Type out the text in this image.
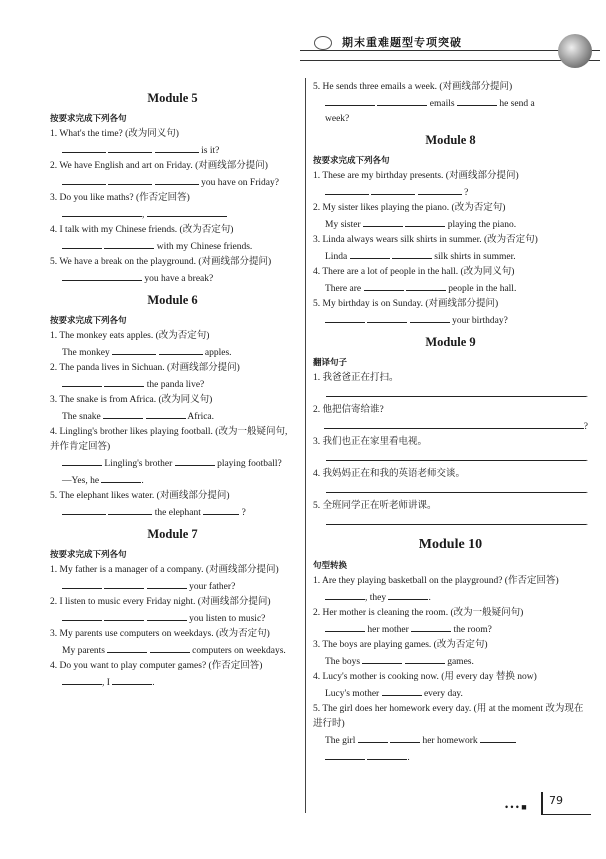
期末重难题型专项突破
Module 5
按要求完成下列各句
1. What's the time? (改为同义句)
is it?
2. We have English and art on Friday. (对画线部分提问)
you have on Friday?
3. Do you like maths? (作否定回答)
,
4. I talk with my Chinese friends. (改为否定句)
with my Chinese friends.
5. We have a break on the playground. (对画线部分提问)
you have a break?
Module 6
按要求完成下列各句
1. The monkey eats apples. (改为否定句)
The monkey	apples.
2. The panda lives in Sichuan. (对画线部分提问)
the panda live?
3. The snake is from Africa. (改为同义句)
The snake	Africa.
4. Lingling's brother likes playing football. (改为一般疑问句,并作肯定回答)
Lingling's brother	playing football?
—Yes, he	.
5. The elephant likes water. (对画线部分提问)
the elephant	?
Module 7
按要求完成下列各句
1. My father is a manager of a company. (对画线部分提问)
your father?
2. I listen to music every Friday night. (对画线部分提问)
you listen to music?
3. My parents use computers on weekdays. (改为否定句)
My parents	computers on weekdays.
4. Do you want to play computer games? (作否定回答)
, I	.
5. He sends three emails a week. (对画线部分提问)
emails	he send a
week?
Module 8
按要求完成下列各句
1. These are my birthday presents. (对画线部分提问)
?
2. My sister likes playing the piano. (改为否定句)
My sister	playing the piano.
3. Linda always wears silk shirts in summer. (改为否定句)
Linda	silk shirts in summer.
4. There are a lot of people in the hall. (改为同义句)
There are	people in the hall.
5. My birthday is on Sunday. (对画线部分提问)
your birthday?
Module 9
翻译句子
1. 我爸爸正在打扫。
.
2. 他把信寄给谁?
?
3. 我们也正在家里看电视。
.
4. 我妈妈正在和我的英语老师交谈。
.
5. 全班同学正在听老师讲课。
.
Module 10
句型转换
1. Are they playing basketball on the playground? (作否定回答)
, they	.
2. Her mother is cleaning the room. (改为一般疑问句)
her mother	the room?
3. The boys are playing games. (改为否定句)
The boys	games.
4. Lucy's mother is cooking now. (用 every day 替换 now)
Lucy's mother	every day.
5. The girl does her homework every day. (用 at the moment 改为现在进行时)
The girl	her homework
.
• • • ■ 79
